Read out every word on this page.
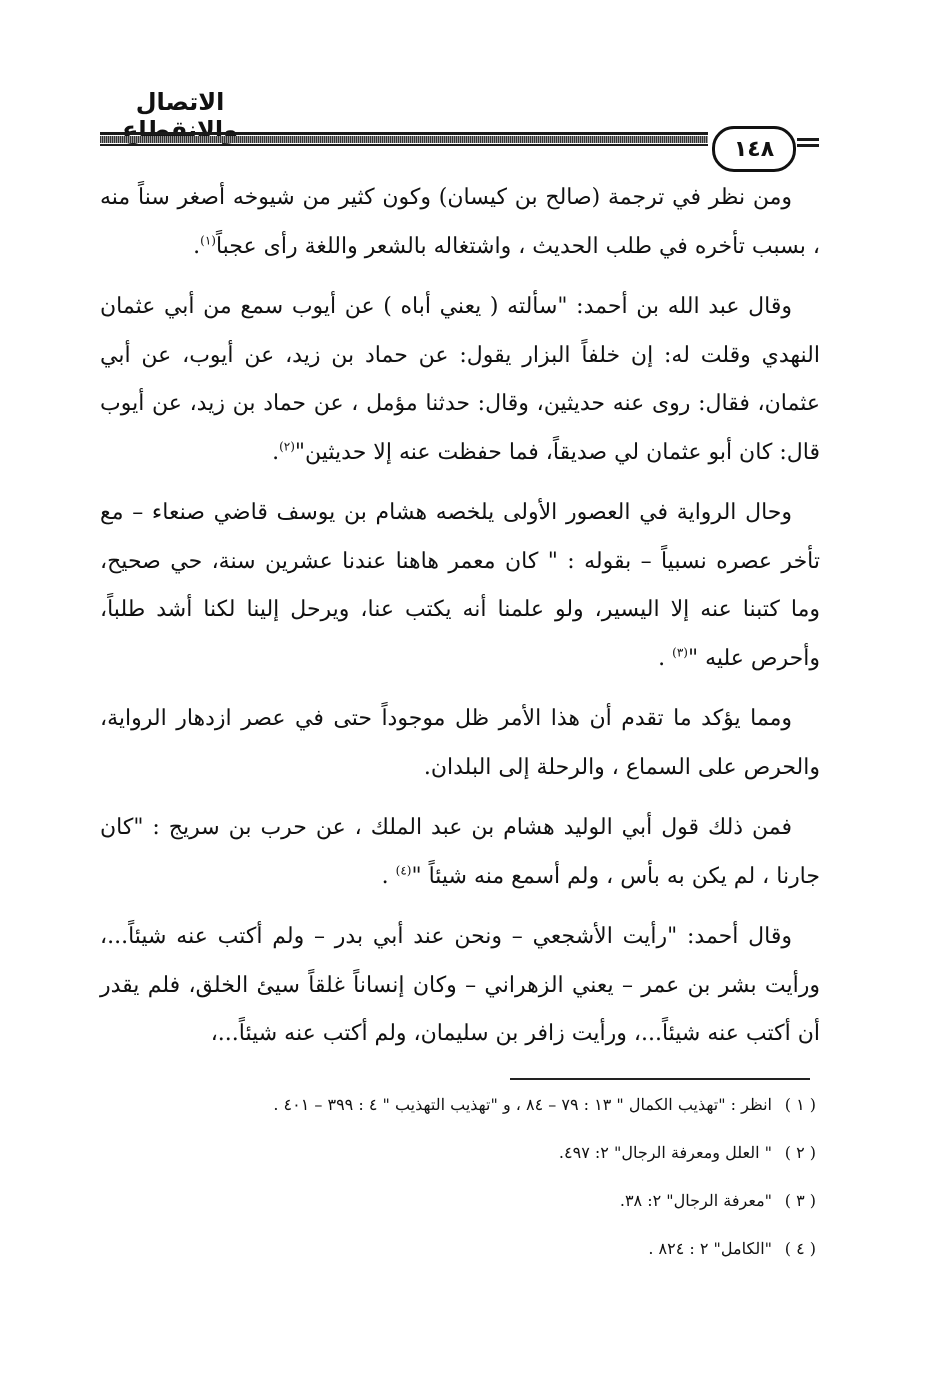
الاتصال
١٤٨

ومن نظر في ترجمة (صالح بن كيسان) وكون كثير من شيوخه أصغر سناً منه ، بسبب تأخره في طلب الحديث ، واشتغاله بالشعر واللغة رأى عجباً$^{(١)}$.

وقال عبد الله بن أحمد: "سألته ( يعني أباه ) عن أيوب سمع من أبي عثمان النهدي وقلت له: إن خلفاً البزار يقول: عن حماد بن زيد، عن أيوب، عن أبي عثمان، فقال: روى عنه حديثين، وقال: حدثنا مؤمل ، عن حماد بن زيد، عن أيوب قال: كان أبو عثمان لي صديقاً، فما حفظت عنه إلا حديثين"$^{(٢)}$.

وحال الرواية في العصور الأولى يلخصه هشام بن يوسف قاضي صنعاء – مع تأخر عصره نسبياً – بقوله : " كان معمر هاهنا عندنا عشرين سنة، حي صحيح، وما كتبنا عنه إلا اليسير، ولو علمنا أنه يكتب عنا، ويرحل إلينا لكنا أشد طلباً، وأحرص عليه "$^{(٣)}$ .

ومما يؤكد ما تقدم أن هذا الأمر ظل موجوداً حتى في عصر ازدهار الرواية، والحرص على السماع ، والرحلة إلى البلدان.

فمن ذلك قول أبي الوليد هشام بن عبد الملك ، عن حرب بن سريج : "كان جارنا ، لم يكن به بأس ، ولم أسمع منه شيئاً "$^{(٤)}$ .

وقال أحمد: "رأيت الأشجعي – ونحن عند أبي بدر – ولم أكتب عنه شيئاً...، ورأيت بشر بن عمر – يعني الزهراني – وكان إنساناً غلقاً سيئ الخلق، فلم يقدر أن أكتب عنه شيئاً...، ورأيت زافر بن سليمان، ولم أكتب عنه شيئاً...،

( ١ )انظر : "تهذيب الكمال " ١٣ : ٧٩ – ٨٤ ، و "تهذيب التهذيب " ٤ : ٣٩٩ – ٤٠١ .
( ٢ )" العلل ومعرفة الرجال" ٢: ٤٩٧.
( ٣ )"معرفة الرجال" ٢: ٣٨.
( ٤ )"الكامل" ٢ : ٨٢٤ .
